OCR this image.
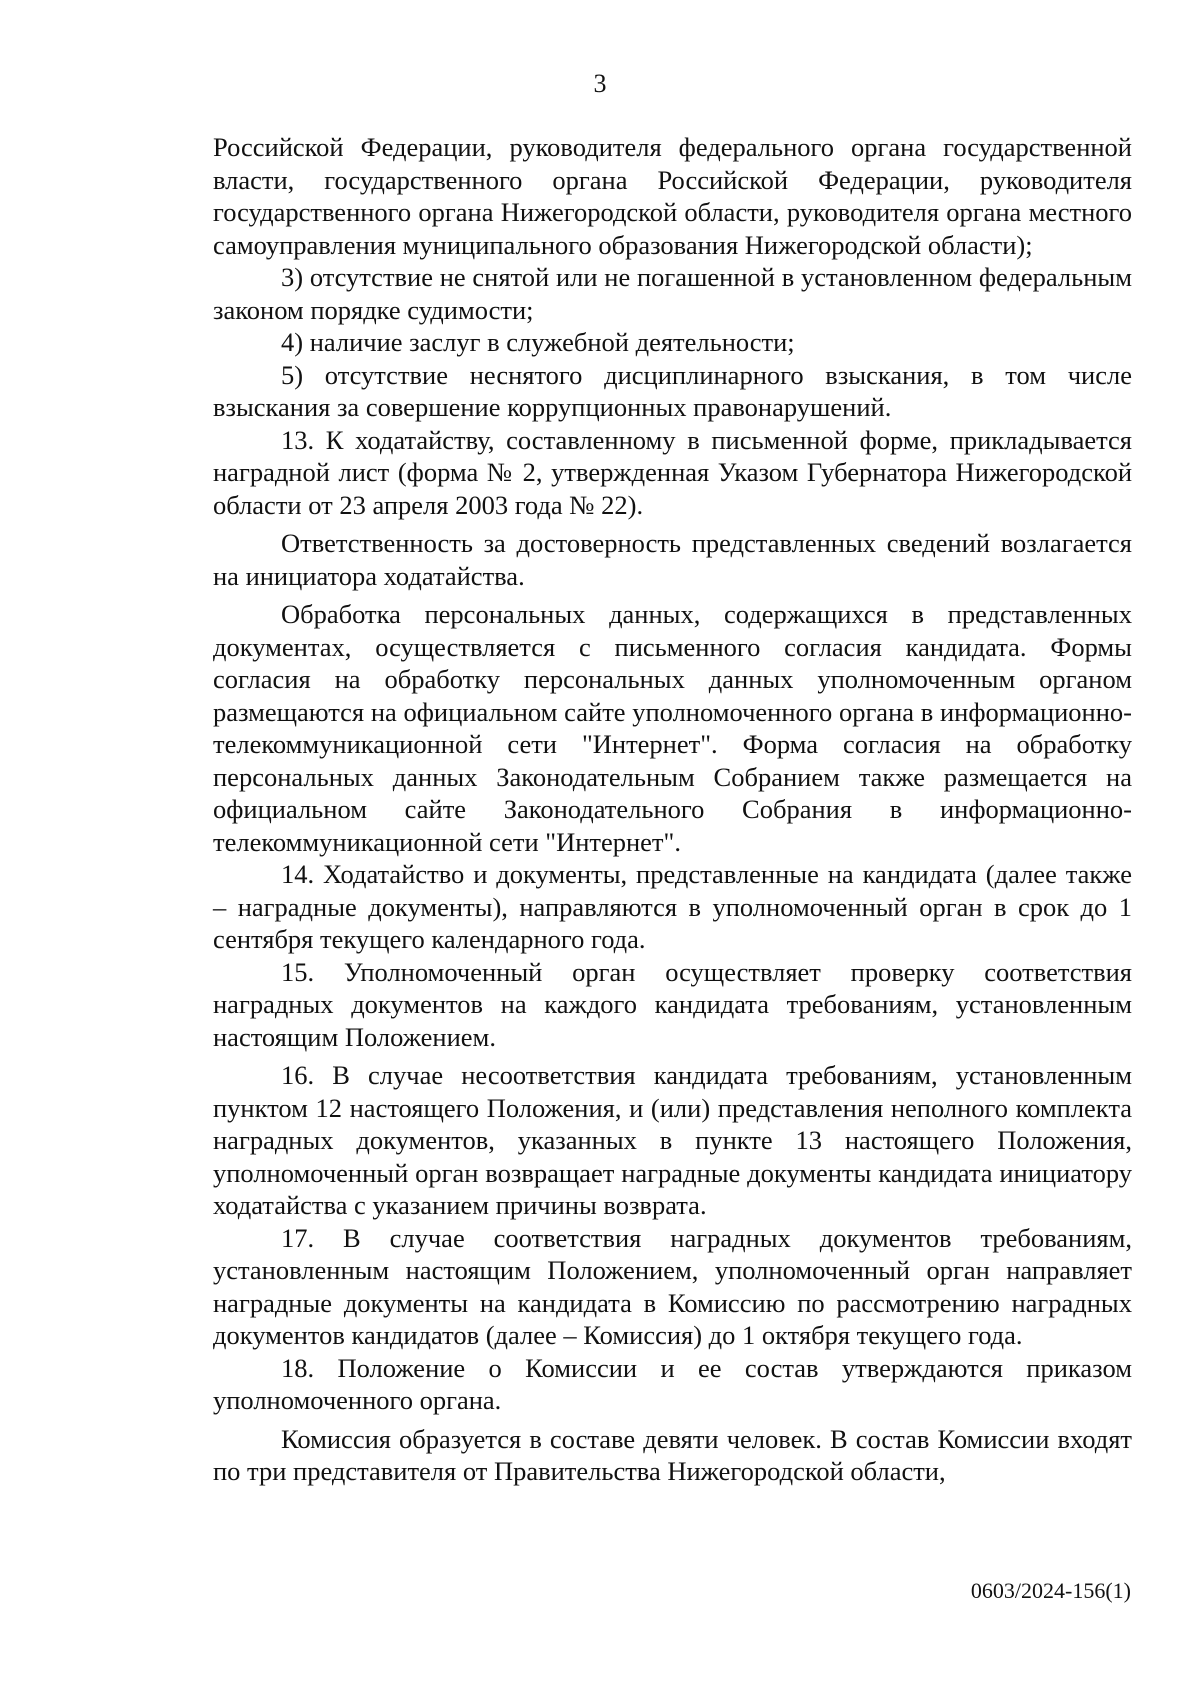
3

Российской Федерации, руководителя федерального органа государственной власти, государственного органа Российской Федерации, руководителя государственного органа Нижегородской области, руководителя органа местного самоуправления муниципального образования Нижегородской области);

3) отсутствие не снятой или не погашенной в установленном федеральным законом порядке судимости;

4) наличие заслуг в служебной деятельности;

5) отсутствие неснятого дисциплинарного взыскания, в том числе взыскания за совершение коррупционных правонарушений.

13. К ходатайству, составленному в письменной форме, прикладывается наградной лист (форма № 2, утвержденная Указом Губернатора Нижегородской области от 23 апреля 2003 года № 22).

Ответственность за достоверность представленных сведений возлагается на инициатора ходатайства.

Обработка персональных данных, содержащихся в представленных документах, осуществляется с письменного согласия кандидата. Формы согласия на обработку персональных данных уполномоченным органом размещаются на официальном сайте уполномоченного органа в информационно-телекоммуникационной сети "Интернет". Форма согласия на обработку персональных данных Законодательным Собранием также размещается на официальном сайте Законодательного Собрания в информационно-телекоммуникационной сети "Интернет".

14. Ходатайство и документы, представленные на кандидата (далее также – наградные документы), направляются в уполномоченный орган в срок до 1 сентября текущего календарного года.

15. Уполномоченный орган осуществляет проверку соответствия наградных документов на каждого кандидата требованиям, установленным настоящим Положением.

16. В случае несоответствия кандидата требованиям, установленным пунктом 12 настоящего Положения, и (или) представления неполного комплекта наградных документов, указанных в пункте 13 настоящего Положения, уполномоченный орган возвращает наградные документы кандидата инициатору ходатайства с указанием причины возврата.

17. В случае соответствия наградных документов требованиям, установленным настоящим Положением, уполномоченный орган направляет наградные документы на кандидата в Комиссию по рассмотрению наградных документов кандидатов (далее – Комиссия) до 1 октября текущего года.

18. Положение о Комиссии и ее состав утверждаются приказом уполномоченного органа.

Комиссия образуется в составе девяти человек. В состав Комиссии входят по три представителя от Правительства Нижегородской области,

0603/2024-156(1)
